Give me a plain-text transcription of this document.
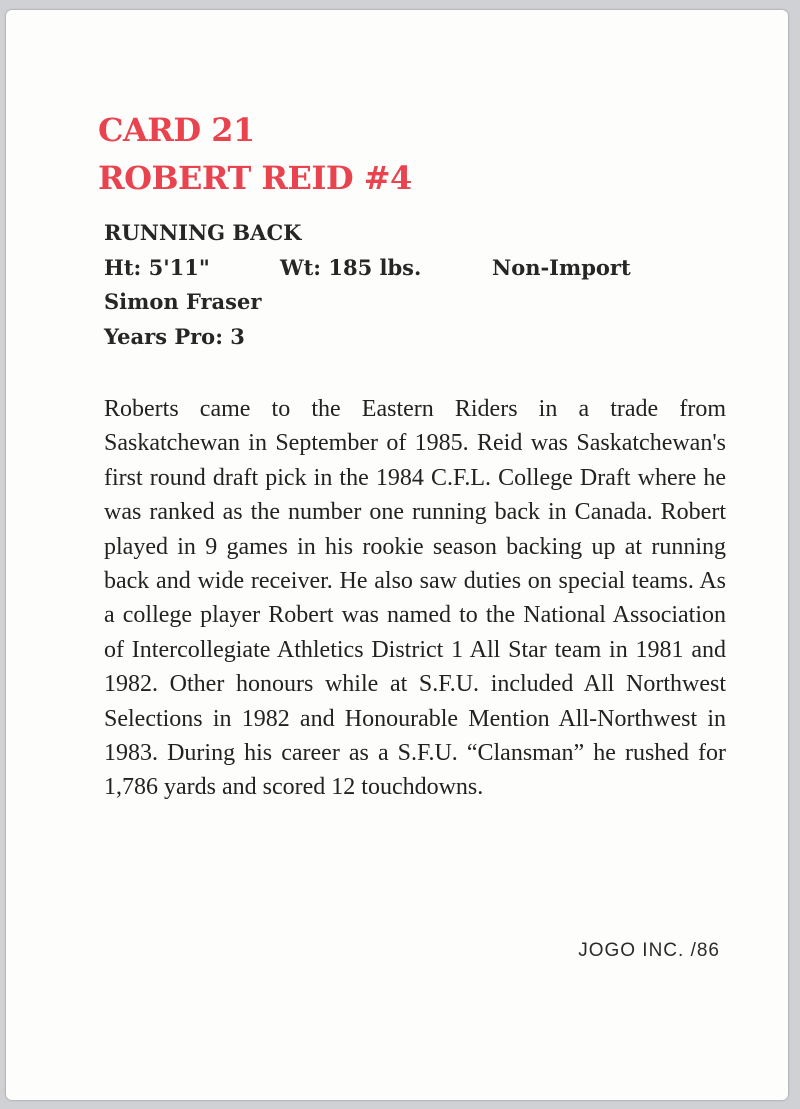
CARD 21
ROBERT REID #4
RUNNING BACK
Ht: 5'11"	Wt: 185 lbs.	Non-Import
Simon Fraser
Years Pro: 3

Roberts came to the Eastern Riders in a trade from Saskatchewan in September of 1985. Reid was Saskatchewan's first round draft pick in the 1984 C.F.L. College Draft where he was ranked as the number one running back in Canada. Robert played in 9 games in his rookie season backing up at running back and wide receiver. He also saw duties on special teams. As a college player Robert was named to the National Association of Intercollegiate Athletics District 1 All Star team in 1981 and 1982. Other honours while at S.F.U. included All Northwest Selections in 1982 and Honourable Mention All-Northwest in 1983. During his career as a S.F.U. “Clansman” he rushed for 1,786 yards and scored 12 touchdowns.

JOGO INC. /86
